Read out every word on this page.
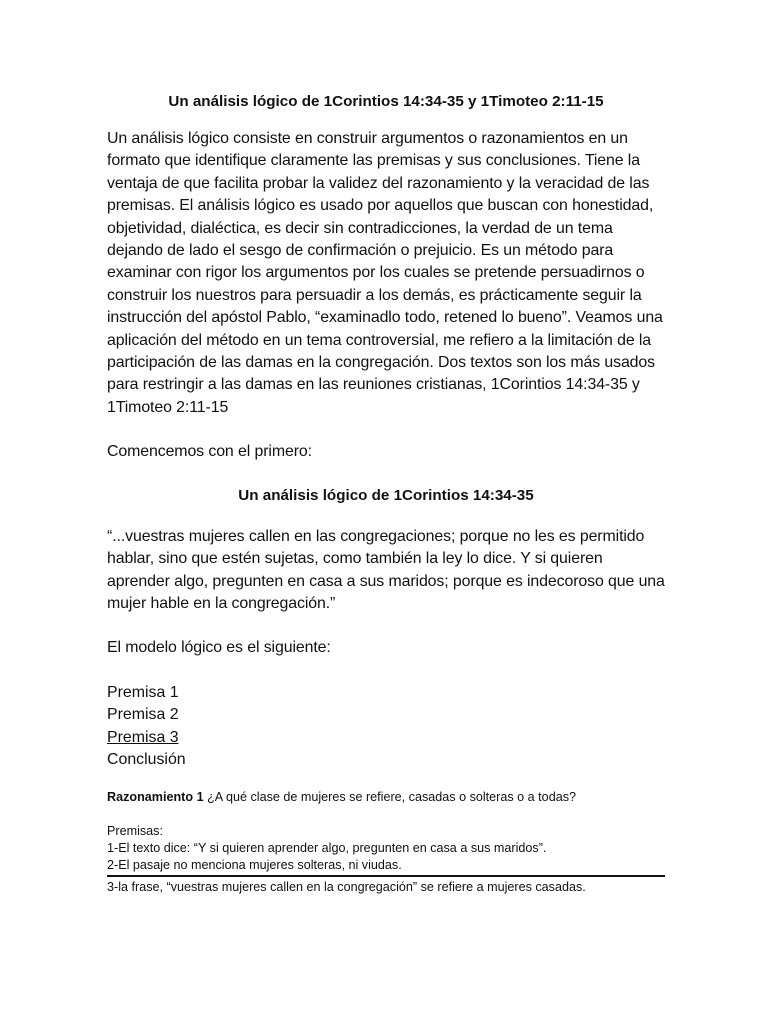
Un análisis lógico de 1Corintios 14:34-35 y 1Timoteo 2:11-15

Un análisis lógico consiste en construir argumentos o razonamientos en un formato que identifique claramente las premisas y sus conclusiones. Tiene la ventaja de que facilita probar la validez del razonamiento y la veracidad de las premisas. El análisis lógico es usado por aquellos que buscan con honestidad, objetividad, dialéctica, es decir sin contradicciones, la verdad de un tema dejando de lado el sesgo de confirmación o prejuicio. Es un método para examinar con rigor los argumentos por los cuales se pretende persuadirnos o construir los nuestros para persuadir a los demás, es prácticamente seguir la instrucción del apóstol Pablo, “examinadlo todo, retened lo bueno”. Veamos una aplicación del método en un tema controversial, me refiero a la limitación de la participación de las damas en la congregación. Dos textos son los más usados para restringir a las damas en las reuniones cristianas, 1Corintios 14:34-35 y 1Timoteo 2:11-15

Comencemos con el primero:

Un análisis lógico de 1Corintios 14:34-35

“...vuestras mujeres callen en las congregaciones; porque no les es permitido hablar, sino que estén sujetas, como también la ley lo dice. Y si quieren aprender algo, pregunten en casa a sus maridos; porque es indecoroso que una mujer hable en la congregación.”

El modelo lógico es el siguiente:

Premisa 1

Premisa 2

Premisa 3

Conclusión

Razonamiento 1 ¿A qué clase de mujeres se refiere, casadas o solteras o a todas?

Premisas:

1-El texto dice: “Y si quieren aprender algo, pregunten en casa a sus maridos”.

2-El pasaje no menciona mujeres solteras, ni viudas.

3-la frase, “vuestras mujeres callen en la congregación” se refiere a mujeres casadas.
